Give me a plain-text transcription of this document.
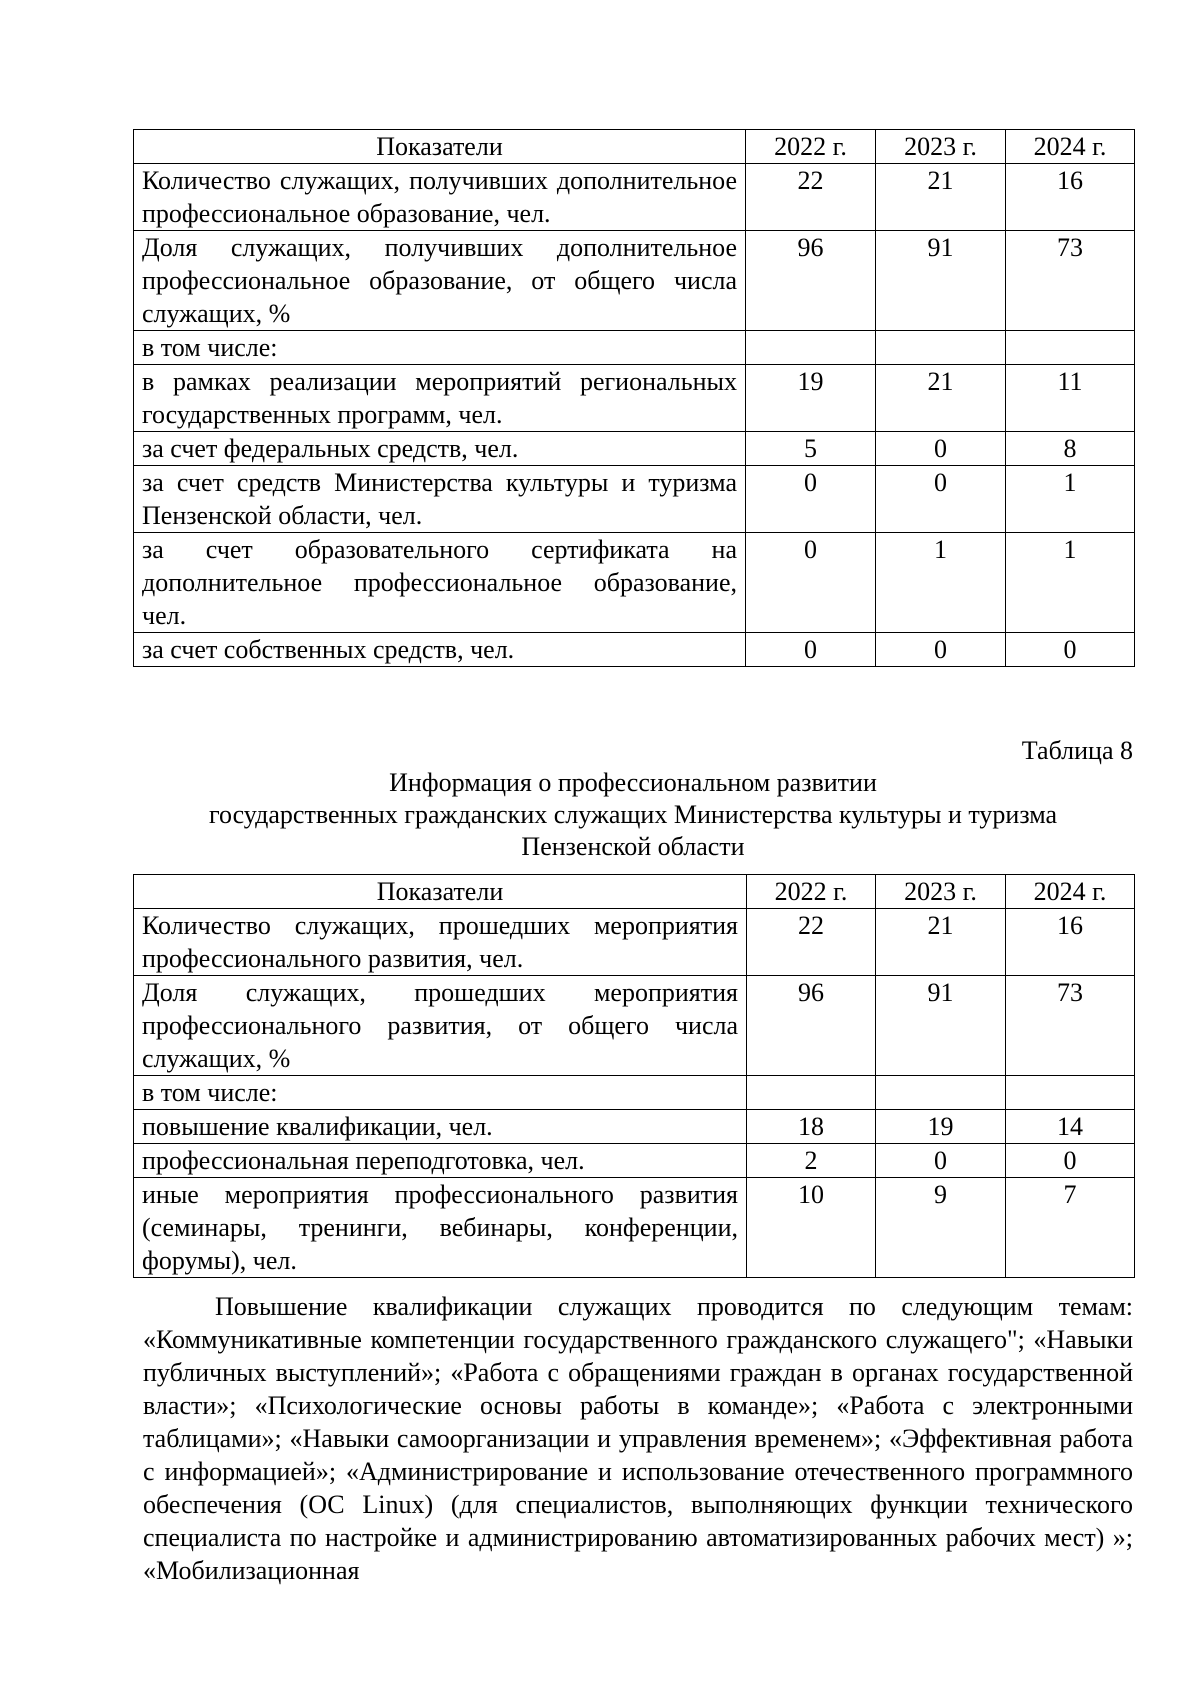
Показатели	2022 г.	2023 г.	2024 г.
Количество служащих, получивших дополнительное профессиональное образование, чел.	22	21	16
Доля служащих, получивших дополнительное профессиональное образование, от общего числа служащих, %	96	91	73
в том числе:			
в рамках реализации мероприятий региональных государственных программ, чел.	19	21	11
за счет федеральных средств, чел.	5	0	8
за счет средств Министерства культуры и туризма Пензенской области, чел.	0	0	1
за счет образовательного сертификата на дополнительное профессиональное образование, чел.	0	1	1
за счет собственных средств, чел.	0	0	0
Таблица 8
Информация о профессиональном развитии
государственных гражданских служащих Министерства культуры и туризма
Пензенской области
Показатели	2022 г.	2023 г.	2024 г.
Количество служащих, прошедших мероприятия профессионального развития, чел.	22	21	16
Доля служащих, прошедших мероприятия профессионального развития, от общего числа служащих, %	96	91	73
в том числе:			
повышение квалификации, чел.	18	19	14
профессиональная переподготовка, чел.	2	0	0
иные мероприятия профессионального развития (семинары, тренинги, вебинары, конференции, форумы), чел.	10	9	7

Повышение квалификации служащих проводится по следующим темам: «Коммуникативные компетенции государственного гражданского служащего"; «Навыки публичных выступлений»; «Работа с обращениями граждан в органах государственной власти»; «Психологические основы работы в команде»; «Работа с электронными таблицами»; «Навыки самоорганизации и управления временем»; «Эффективная работа с информацией»; «Администрирование и использование отечественного программного обеспечения (ОС Linux) (для специалистов, выполняющих функции технического специалиста по настройке и администрированию автоматизированных рабочих мест) »; «Мобилизационная
